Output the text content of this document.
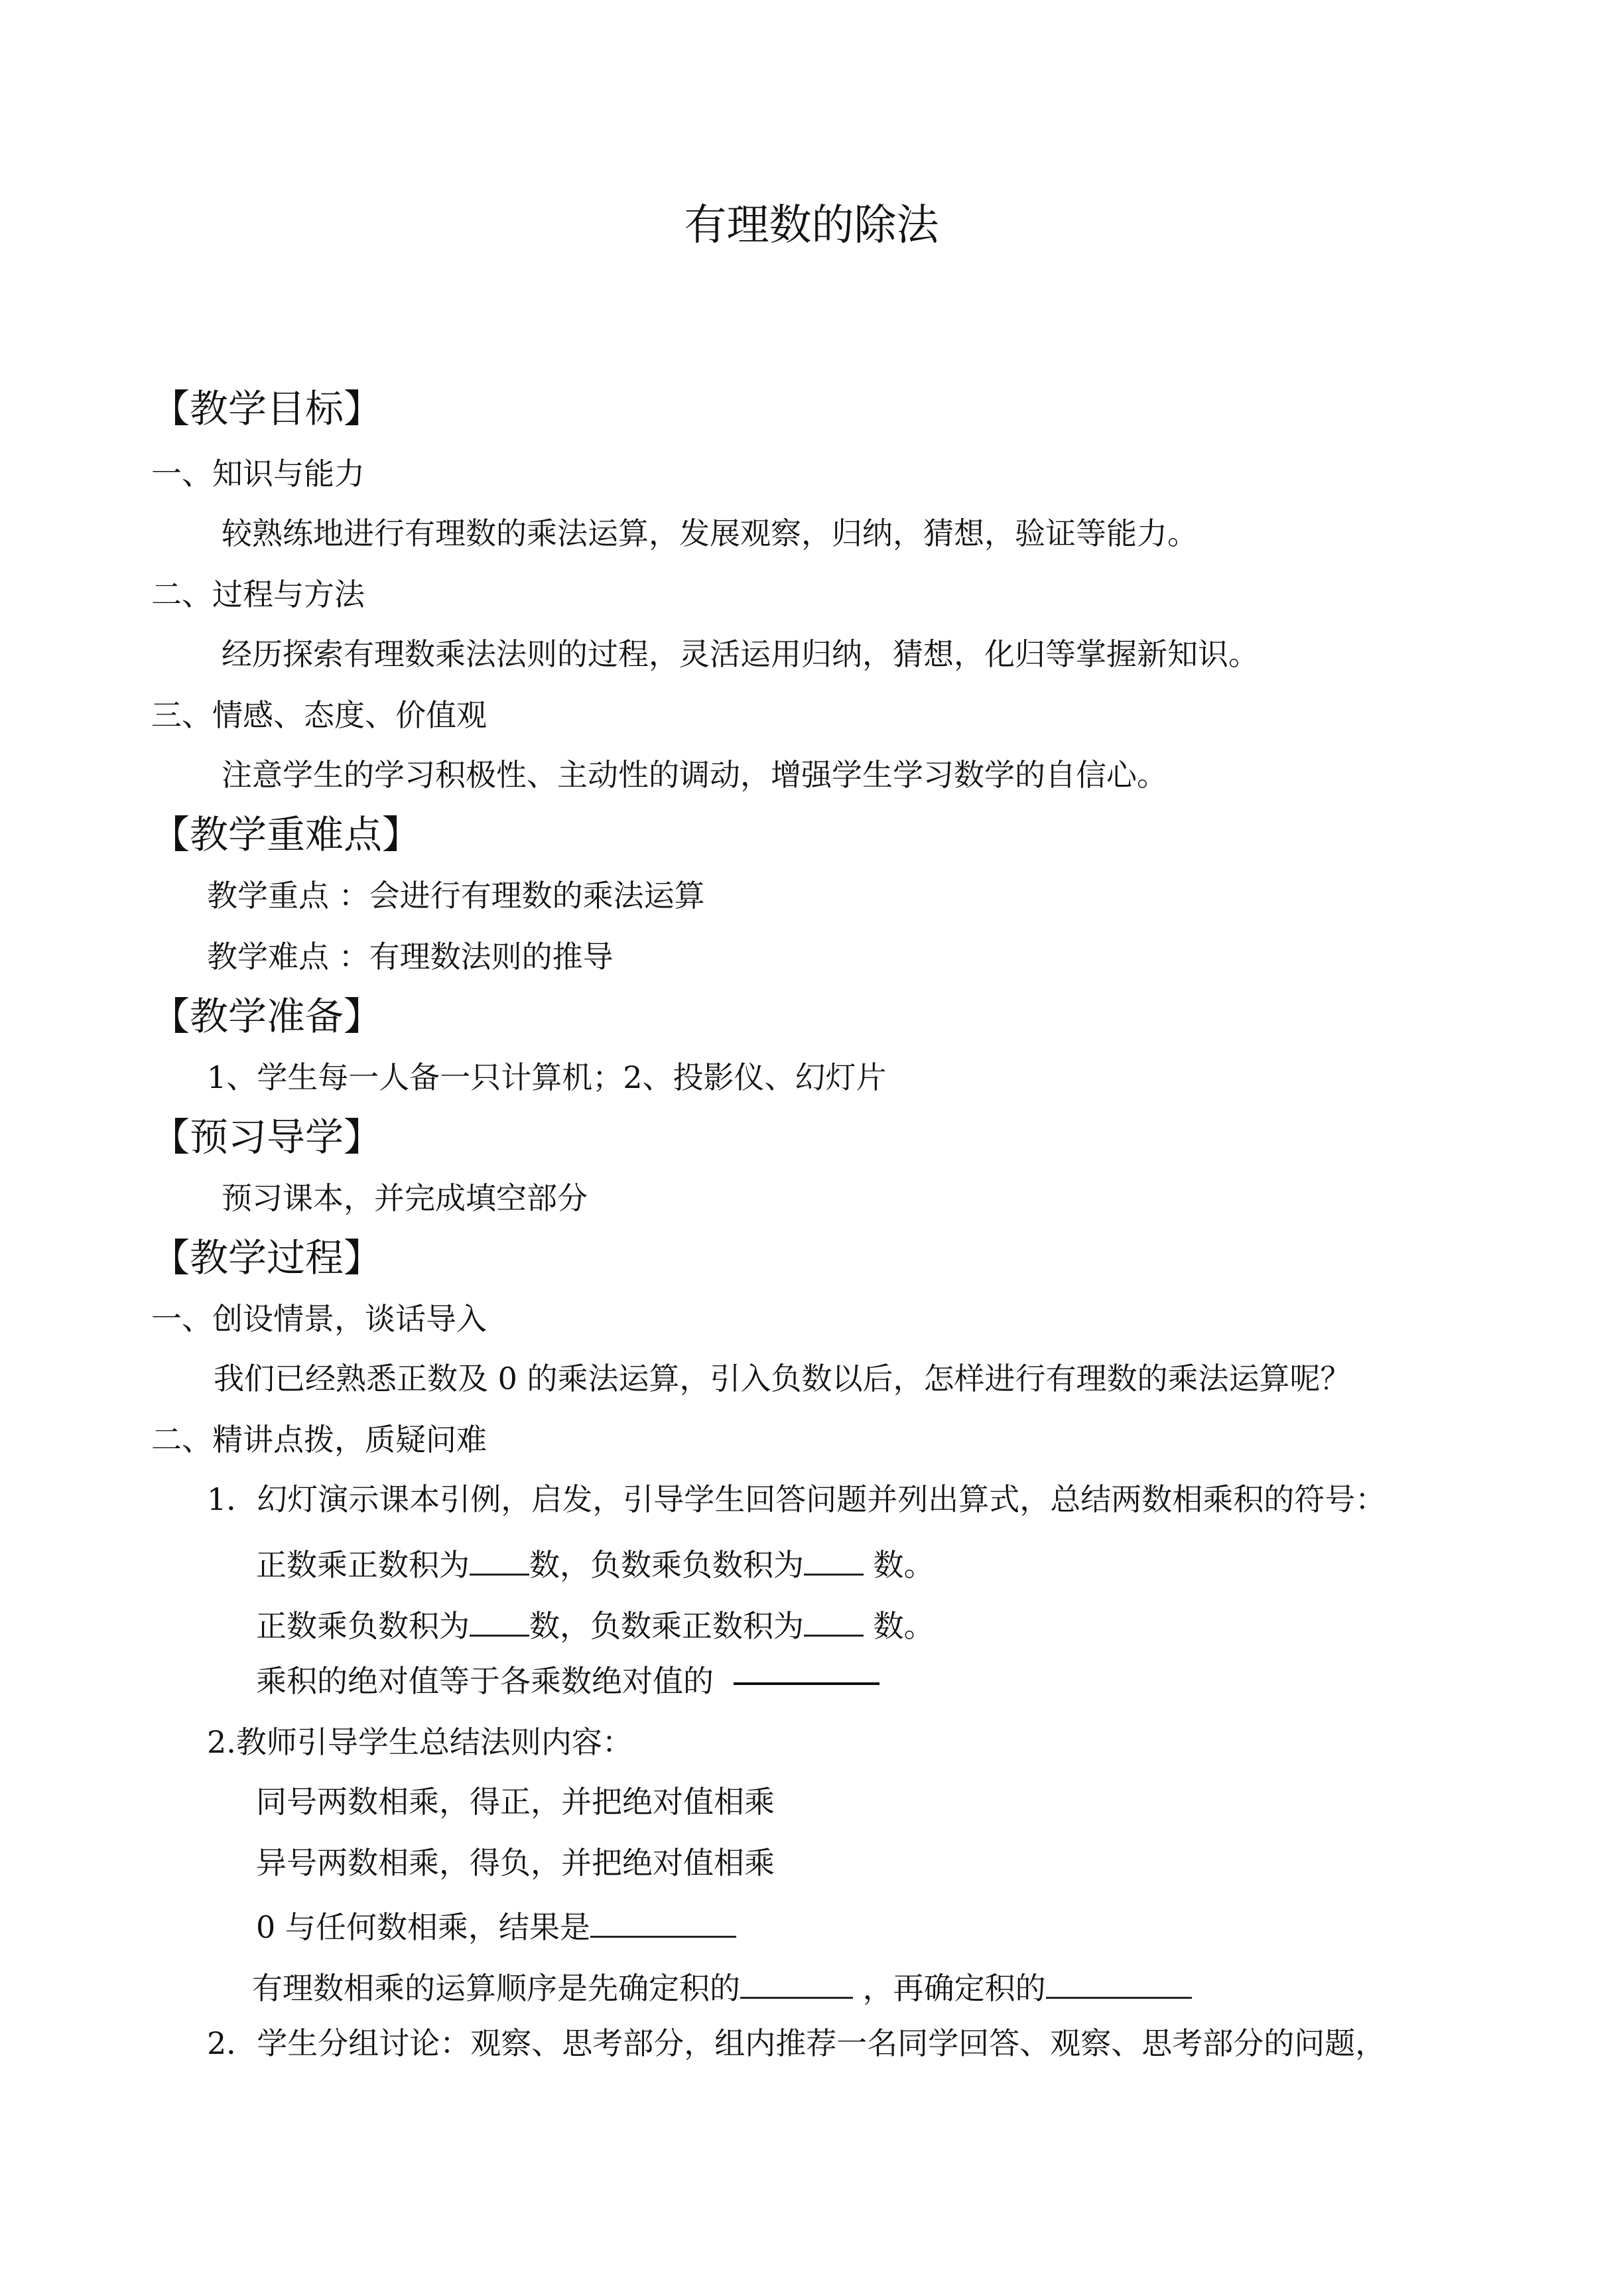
有理数的除法
【教学目标】
一、知识与能力
较熟练地进行有理数的乘法运算，发展观察，归纳，猜想，验证等能力。
二、过程与方法
经历探索有理数乘法法则的过程，灵活运用归纳，猜想，化归等掌握新知识。
三、情感、态度、价值观
注意学生的学习积极性、主动性的调动，增强学生学习数学的自信心。
【教学重难点】
教学重点 ：会进行有理数的乘法运算
教学难点 ：有理数法则的推导
【教学准备】
1、学生每一人备一只计算机；2、投影仪、幻灯片
【预习导学】
预习课本，并完成填空部分
【教学过程】
一、创设情景，谈话导入
我们已经熟悉正数及 0 的乘法运算，引入负数以后，怎样进行有理数的乘法运算呢？
二、精讲点拨，质疑问难
1．幻灯演示课本引例，启发，引导学生回答问题并列出算式，总结两数相乘积的符号：
正数乘正数积为 数，负数乘负数积为 数。
正数乘负数积为 数，负数乘正数积为 数。
乘积的绝对值等于各乘数绝对值的
2.教师引导学生总结法则内容：
同号两数相乘，得正，并把绝对值相乘
异号两数相乘，得负，并把绝对值相乘
0 与任何数相乘，结果是
有理数相乘的运算顺序是先确定积的	，再确定积的
2．学生分组讨论：观察、思考部分，组内推荐一名同学回答、观察、思考部分的问题，
